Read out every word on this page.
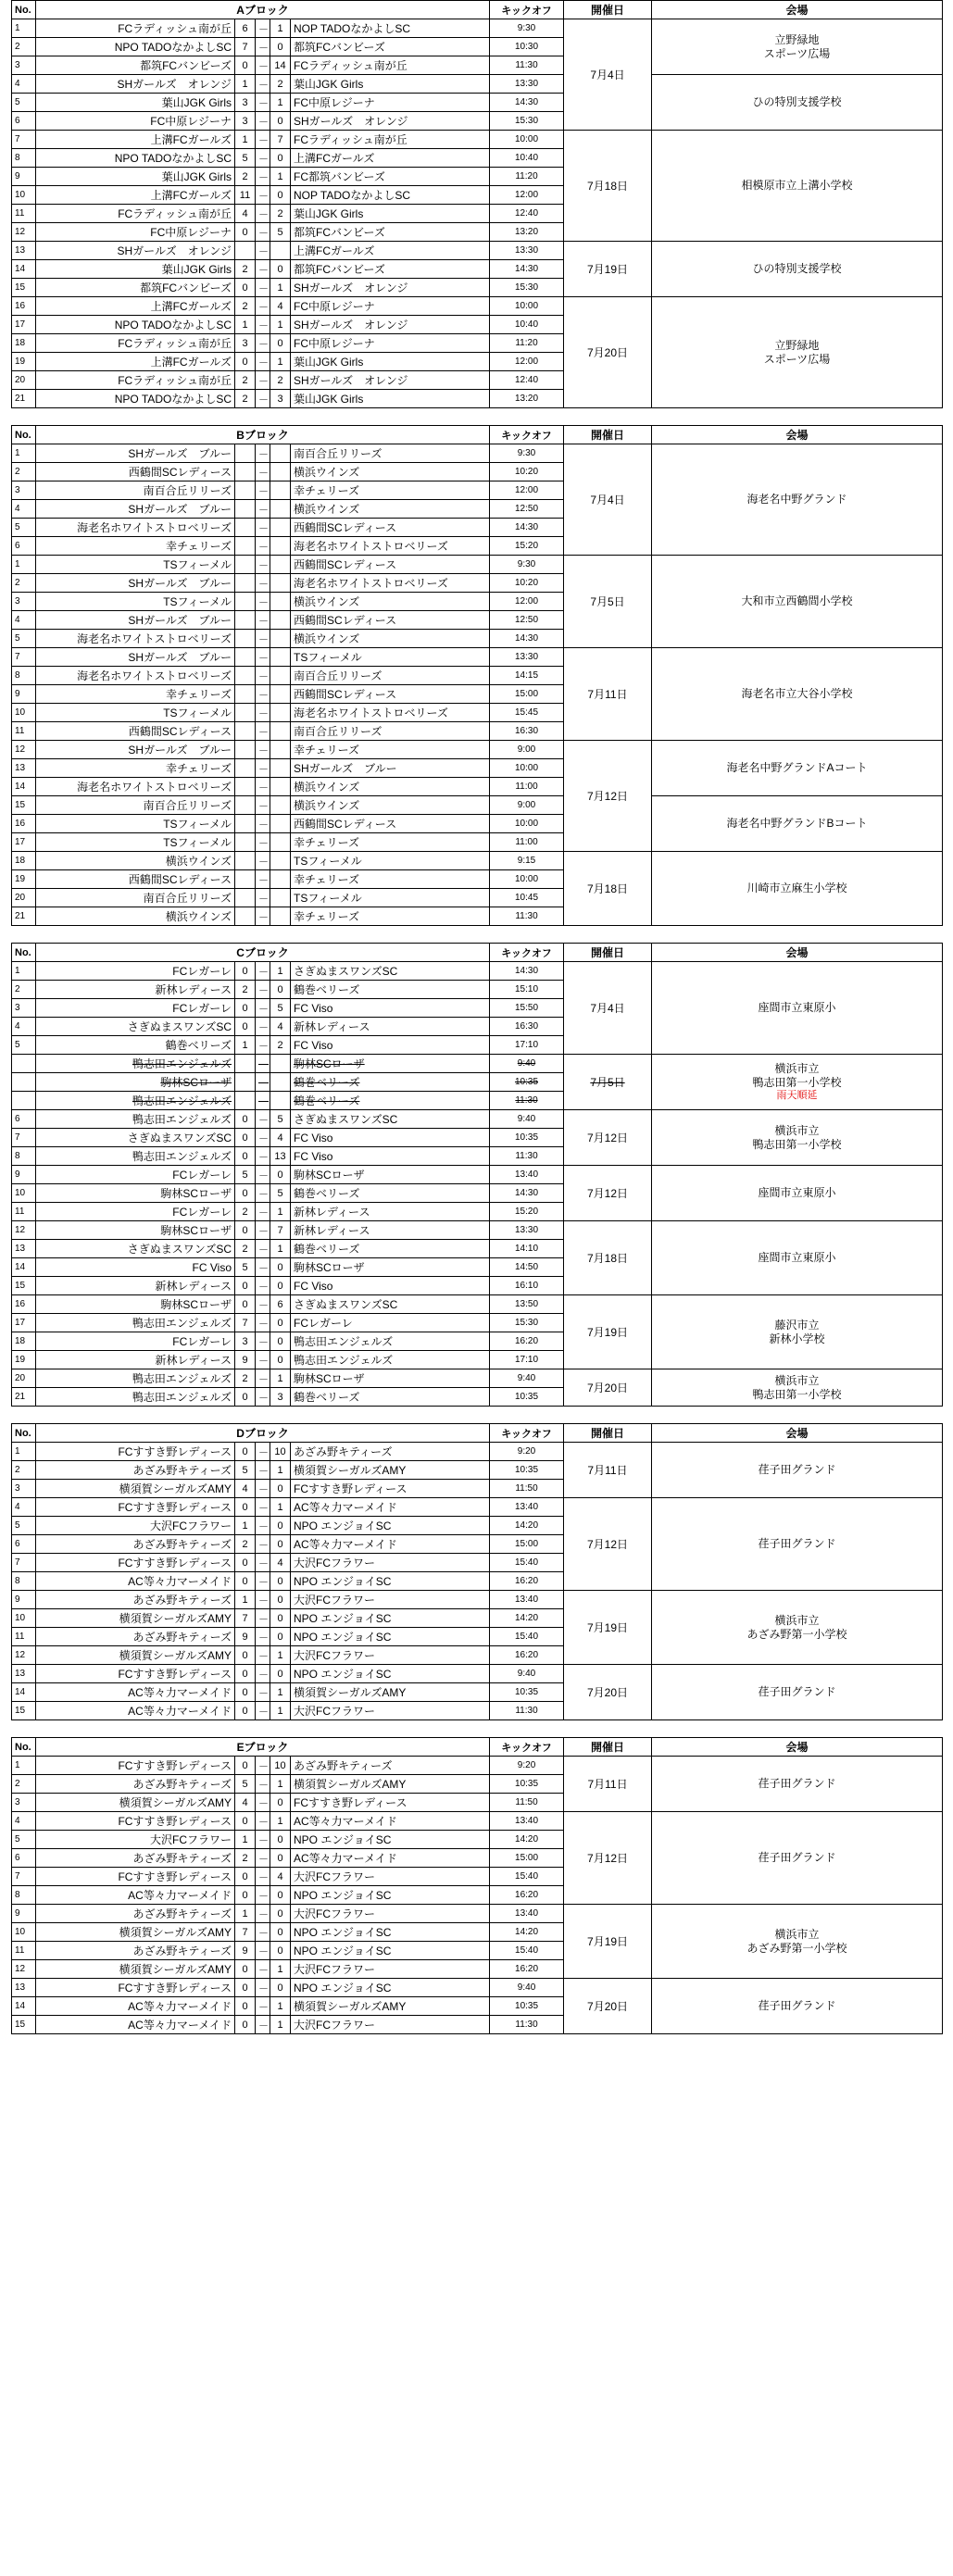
No.	Aブロック					キックオフ	開催日	会場
1	FCラディッシュ南が丘	6	－	1	NOP TADOなかよしSC	9:30	7月4日	立野緑地
スポーツ広場
2	NPO TADOなかよしSC	7	－	0	都筑FCバンビーズ	10:30		
3	都筑FCバンビーズ	0	－	14	FCラディッシュ南が丘	11:30		
4	SHガールズ　オレンジ	1	－	2	葉山JGK Girls	13:30		ひの特別支援学校
5	葉山JGK Girls	3	－	1	FC中原レジーナ	14:30		
6	FC中原レジーナ	3	－	0	SHガールズ　オレンジ	15:30		
7	上溝FCガールズ	1	－	7	FCラディッシュ南が丘	10:00	7月18日	相模原市立上溝小学校
8	NPO TADOなかよしSC	5	－	0	上溝FCガールズ	10:40		
9	葉山JGK Girls	2	－	1	FC都筑バンビーズ	11:20		
10	上溝FCガールズ	11	－	0	NOP TADOなかよしSC	12:00		
11	FCラディッシュ南が丘	4	－	2	葉山JGK Girls	12:40		
12	FC中原レジーナ	0	－	5	都筑FCバンビーズ	13:20		
13	SHガールズ　オレンジ		－		上溝FCガールズ	13:30	7月19日	ひの特別支援学校
14	葉山JGK Girls	2	－	0	都筑FCバンビーズ	14:30		
15	都筑FCバンビーズ	0	－	1	SHガールズ　オレンジ	15:30		
16	上溝FCガールズ	2	－	4	FC中原レジーナ	10:00	7月20日	立野緑地
スポーツ広場
17	NPO TADOなかよしSC	1	－	1	SHガールズ　オレンジ	10:40		
18	FCラディッシュ南が丘	3	－	0	FC中原レジーナ	11:20		
19	上溝FCガールズ	0	－	1	葉山JGK Girls	12:00		
20	FCラディッシュ南が丘	2	－	2	SHガールズ　オレンジ	12:40		
21	NPO TADOなかよしSC	2	－	3	葉山JGK Girls	13:20		
No.	Bブロック					キックオフ	開催日	会場
1	SHガールズ　ブルー		－		南百合丘リリーズ	9:30	7月4日	海老名中野グランド
2	西鶴間SCレディース		－		横浜ウインズ	10:20		
3	南百合丘リリーズ		－		幸チェリーズ	12:00		
4	SHガールズ　ブルー		－		横浜ウインズ	12:50		
5	海老名ホワイトストロベリーズ		－		西鶴間SCレディース	14:30		
6	幸チェリーズ		－		海老名ホワイトストロベリーズ	15:20		
1	TSフィーメル		－		西鶴間SCレディース	9:30	7月5日	大和市立西鶴間小学校
2	SHガールズ　ブルー		－		海老名ホワイトストロベリーズ	10:20		
3	TSフィーメル		－		横浜ウインズ	12:00		
4	SHガールズ　ブルー		－		西鶴間SCレディース	12:50		
5	海老名ホワイトストロベリーズ		－		横浜ウインズ	14:30		
7	SHガールズ　ブルー		－		TSフィーメル	13:30	7月11日	海老名市立大谷小学校
8	海老名ホワイトストロベリーズ		－		南百合丘リリーズ	14:15		
9	幸チェリーズ		－		西鶴間SCレディース	15:00		
10	TSフィーメル		－		海老名ホワイトストロベリーズ	15:45		
11	西鶴間SCレディース		－		南百合丘リリーズ	16:30		
12	SHガールズ　ブルー		－		幸チェリーズ	9:00	7月12日	海老名中野グランドAコート
13	幸チェリーズ		－		SHガールズ　ブルー	10:00		
14	海老名ホワイトストロベリーズ		－		横浜ウインズ	11:00		
15	南百合丘リリーズ		－		横浜ウインズ	9:00		海老名中野グランドBコート
16	TSフィーメル		－		西鶴間SCレディース	10:00		
17	TSフィーメル		－		幸チェリーズ	11:00		
18	横浜ウインズ		－		TSフィーメル	9:15	7月18日	川崎市立麻生小学校
19	西鶴間SCレディース		－		幸チェリーズ	10:00		
20	南百合丘リリーズ		－		TSフィーメル	10:45		
21	横浜ウインズ		－		幸チェリーズ	11:30		
No.	Cブロック					キックオフ	開催日	会場
1	FCレガーレ	0	－	1	さぎぬまスワンズSC	14:30	7月4日	座間市立東原小
2	新林レディース	2	－	0	鶴巻ベリーズ	15:10		
3	FCレガーレ	0	－	5	FC Viso	15:50		
4	さぎぬまスワンズSC	0	－	4	新林レディース	16:30		
5	鶴巻ベリーズ	1	－	2	FC Viso	17:10		
	鴨志田エンジェルズ		－		駒林SCローザ	9:40	7月5日	横浜市立
鴨志田第一小学校
雨天順延

	駒林SCローザ		－		鶴巻ベリーズ	10:35		
	鴨志田エンジェルズ		－		鶴巻ベリーズ	11:30		
6	鴨志田エンジェルズ	0	－	5	さぎぬまスワンズSC	9:40	7月12日	横浜市立
鴨志田第一小学校
7	さぎぬまスワンズSC	0	－	4	FC Viso	10:35		
8	鴨志田エンジェルズ	0	－	13	FC Viso	11:30		
9	FCレガーレ	5	－	0	駒林SCローザ	13:40	7月12日	座間市立東原小
10	駒林SCローザ	0	－	5	鶴巻ベリーズ	14:30		
11	FCレガーレ	2	－	1	新林レディース	15:20		
12	駒林SCローザ	0	－	7	新林レディース	13:30	7月18日	座間市立東原小
13	さぎぬまスワンズSC	2	－	1	鶴巻ベリーズ	14:10		
14	FC Viso	5	－	0	駒林SCローザ	14:50		
15	新林レディース	0	－	0	FC Viso	16:10		
16	駒林SCローザ	0	－	6	さぎぬまスワンズSC	13:50	7月19日	藤沢市立
新林小学校
17	鴨志田エンジェルズ	7	－	0	FCレガーレ	15:30		
18	FCレガーレ	3	－	0	鴨志田エンジェルズ	16:20		
19	新林レディース	9	－	0	鴨志田エンジェルズ	17:10		
20	鴨志田エンジェルズ	2	－	1	駒林SCローザ	9:40	7月20日	横浜市立
鴨志田第一小学校
21	鴨志田エンジェルズ	0	－	3	鶴巻ベリーズ	10:35		
No.	Dブロック					キックオフ	開催日	会場
1	FCすすき野レディース	0	－	10	あざみ野キティーズ	9:20	7月11日	荏子田グランド
2	あざみ野キティーズ	5	－	1	横須賀シーガルズAMY	10:35		
3	横須賀シーガルズAMY	4	－	0	FCすすき野レディース	11:50		
4	FCすすき野レディース	0	－	1	AC等々力マーメイド	13:40	7月12日	荏子田グランド
5	大沢FCフラワー	1	－	0	NPO エンジョイSC	14:20		
6	あざみ野キティーズ	2	－	0	AC等々力マーメイド	15:00		
7	FCすすき野レディース	0	－	4	大沢FCフラワー	15:40		
8	AC等々力マーメイド	0	－	0	NPO エンジョイSC	16:20		
9	あざみ野キティーズ	1	－	0	大沢FCフラワー	13:40	7月19日	横浜市立
あざみ野第一小学校
10	横須賀シーガルズAMY	7	－	0	NPO エンジョイSC	14:20		
11	あざみ野キティーズ	9	－	0	NPO エンジョイSC	15:40		
12	横須賀シーガルズAMY	0	－	1	大沢FCフラワー	16:20		
13	FCすすき野レディース	0	－	0	NPO エンジョイSC	9:40	7月20日	荏子田グランド
14	AC等々力マーメイド	0	－	1	横須賀シーガルズAMY	10:35		
15	AC等々力マーメイド	0	－	1	大沢FCフラワー	11:30		
No.	Eブロック					キックオフ	開催日	会場
1	FCすすき野レディース	0	－	10	あざみ野キティーズ	9:20	7月11日	荏子田グランド
2	あざみ野キティーズ	5	－	1	横須賀シーガルズAMY	10:35		
3	横須賀シーガルズAMY	4	－	0	FCすすき野レディース	11:50		
4	FCすすき野レディース	0	－	1	AC等々力マーメイド	13:40	7月12日	荏子田グランド
5	大沢FCフラワー	1	－	0	NPO エンジョイSC	14:20		
6	あざみ野キティーズ	2	－	0	AC等々力マーメイド	15:00		
7	FCすすき野レディース	0	－	4	大沢FCフラワー	15:40		
8	AC等々力マーメイド	0	－	0	NPO エンジョイSC	16:20		
9	あざみ野キティーズ	1	－	0	大沢FCフラワー	13:40	7月19日	横浜市立
あざみ野第一小学校
10	横須賀シーガルズAMY	7	－	0	NPO エンジョイSC	14:20		
11	あざみ野キティーズ	9	－	0	NPO エンジョイSC	15:40		
12	横須賀シーガルズAMY	0	－	1	大沢FCフラワー	16:20		
13	FCすすき野レディース	0	－	0	NPO エンジョイSC	9:40	7月20日	荏子田グランド
14	AC等々力マーメイド	0	－	1	横須賀シーガルズAMY	10:35		
15	AC等々力マーメイド	0	－	1	大沢FCフラワー	11:30		
